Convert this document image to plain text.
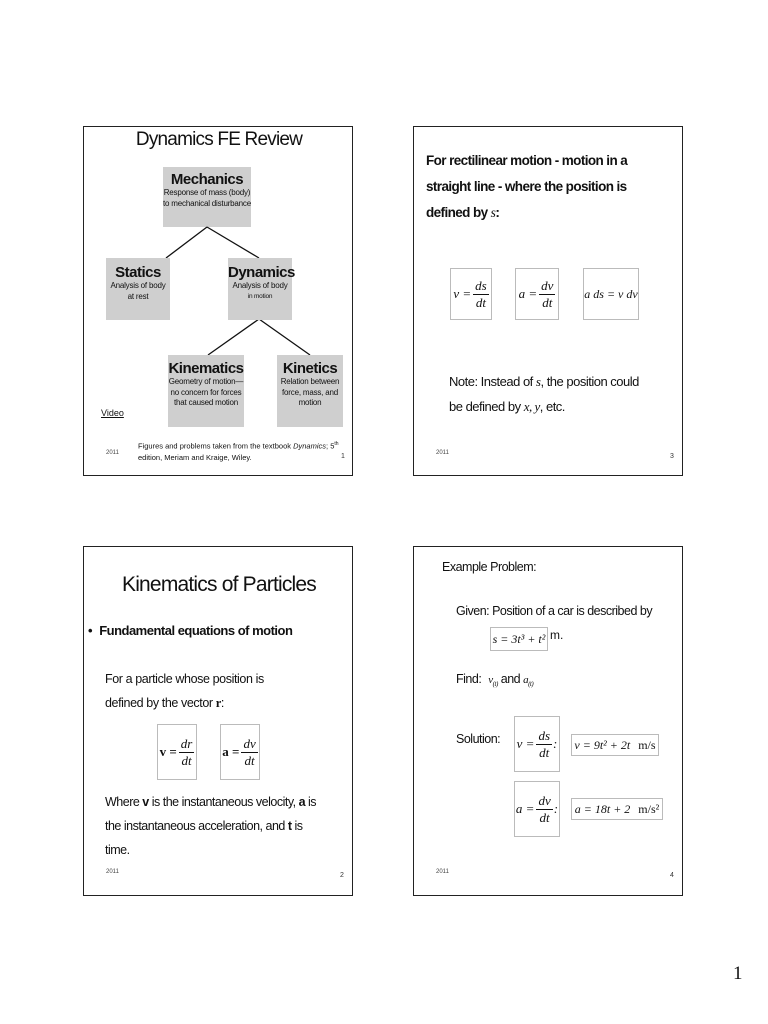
Dynamics FE Review
Mechanics
Response of mass (body)
to mechanical disturbance
Statics
Analysis of body
at rest
Dynamics
Analysis of body
in motion
Kinematics
Geometry of motion—
no concern for forces
that caused motion
Kinetics
Relation between
force, mass, and
motion
Video
Figures and problems taken from the textbook Dynamics; 5th
edition, Meriam and Kraige, Wiley.
2011	1
For rectilinear motion - motion in a
straight line - where the position is
defined by s:
$v = \frac{ds}{dt}$ $a = \frac{dv}{dt}$ a ds = v dv
Note: Instead of s, the position could
be defined by x, y, etc.
2011	3
Kinematics of Particles
• Fundamental equations of motion
For a particle whose position is
defined by the vector r:
$v = \frac{dr}{dt}$ $a = \frac{dv}{dt}$
Where v is the instantaneous velocity, a is
the instantaneous acceleration, and t is
time.
2011	2
Example Problem:
Given: Position of a car is described by
s = 3t³ + t² m.
Find: $v_{(t)}$ and $a_{(t)}$
Solution: $v = \frac{ds}{dt}$ : v = 9t² + 2t m/s
$a = \frac{dv}{dt}$ : a = 18t + 2 m/s²
2011	4
1
